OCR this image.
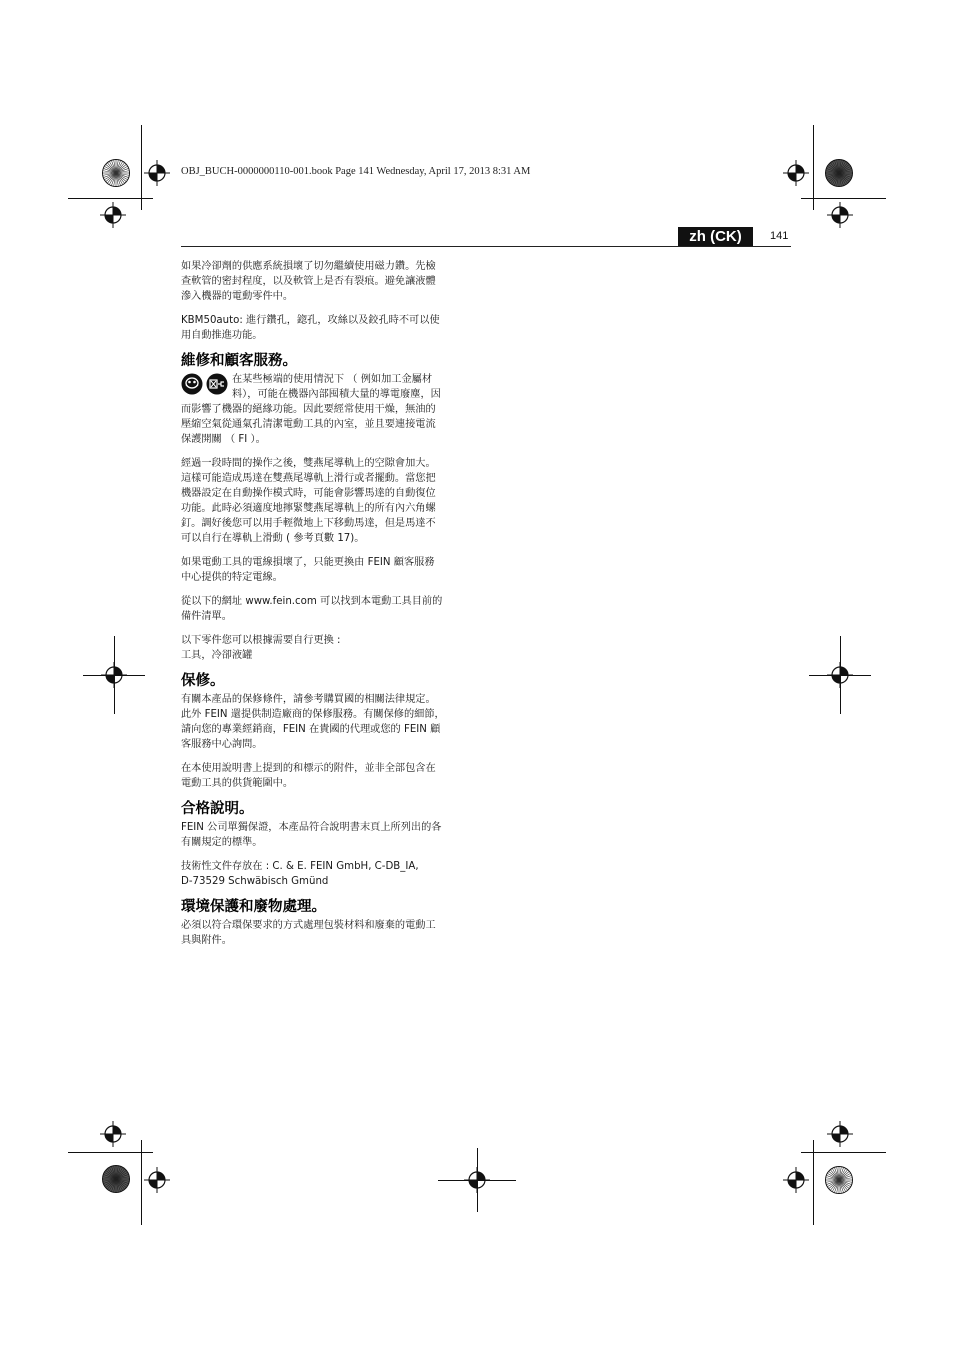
OBJ_BUCH-0000000110-001.book Page 141 Wednesday, April 17, 2013 8:31 AM
zh (CK)	141

如果冷卻劑的供應系統損壞了切勿繼續使用磁力鑽。先檢
查軟管的密封程度，以及軟管上是否有裂痕。避免讓液體
滲入機器的電動零件中。

KBM50auto: 進行鑽孔，鍃孔，攻絲以及鉸孔時不可以使
用自動推進功能。

維修和顧客服務。

在某些極端的使用情況下 （ 例如加工金屬材
料），可能在機器內部囤積大量的導電廢塵，因
而影響了機器的絕緣功能。因此要經常使用干燥，無油的
壓縮空氣從通氣孔清潔電動工具的內室，並且要連接電流
保護開關 （ FI ）。

經過一段時間的操作之後，雙燕尾導軌上的空隙會加大。
這樣可能造成馬達在雙燕尾導軌上滑行或者擺動。當您把
機器設定在自動操作模式時，可能會影響馬達的自動復位
功能。此時必須適度地擰緊雙燕尾導軌上的所有內六角螺
釘。調好後您可以用手輕微地上下移動馬達，但是馬達不
可以自行在導軌上滑動 ( 參考頁數 17)。

如果電動工具的電線損壞了，只能更換由 FEIN 顧客服務
中心提供的特定電線。

從以下的網址 www.fein.com 可以找到本電動工具目前的
備件清單。

以下零件您可以根據需要自行更換 :
工具，冷卻液罐

保修。

有關本產品的保修條件，請參考購買國的相關法律規定。
此外 FEIN 還提供制造廠商的保修服務。有關保修的細節，
請向您的專業經銷商，FEIN 在貴國的代理或您的 FEIN 顧
客服務中心詢問。

在本使用說明書上提到的和標示的附件，並非全部包含在
電動工具的供貨範圍中。

合格說明。

FEIN 公司單獨保證，本產品符合說明書末頁上所列出的各
有關規定的標準。

技術性文件存放在 : C. & E. FEIN GmbH, C-DB_IA,
D-73529 Schwäbisch Gmünd

環境保護和廢物處理。

必須以符合環保要求的方式處理包裝材料和廢棄的電動工
具與附件。
